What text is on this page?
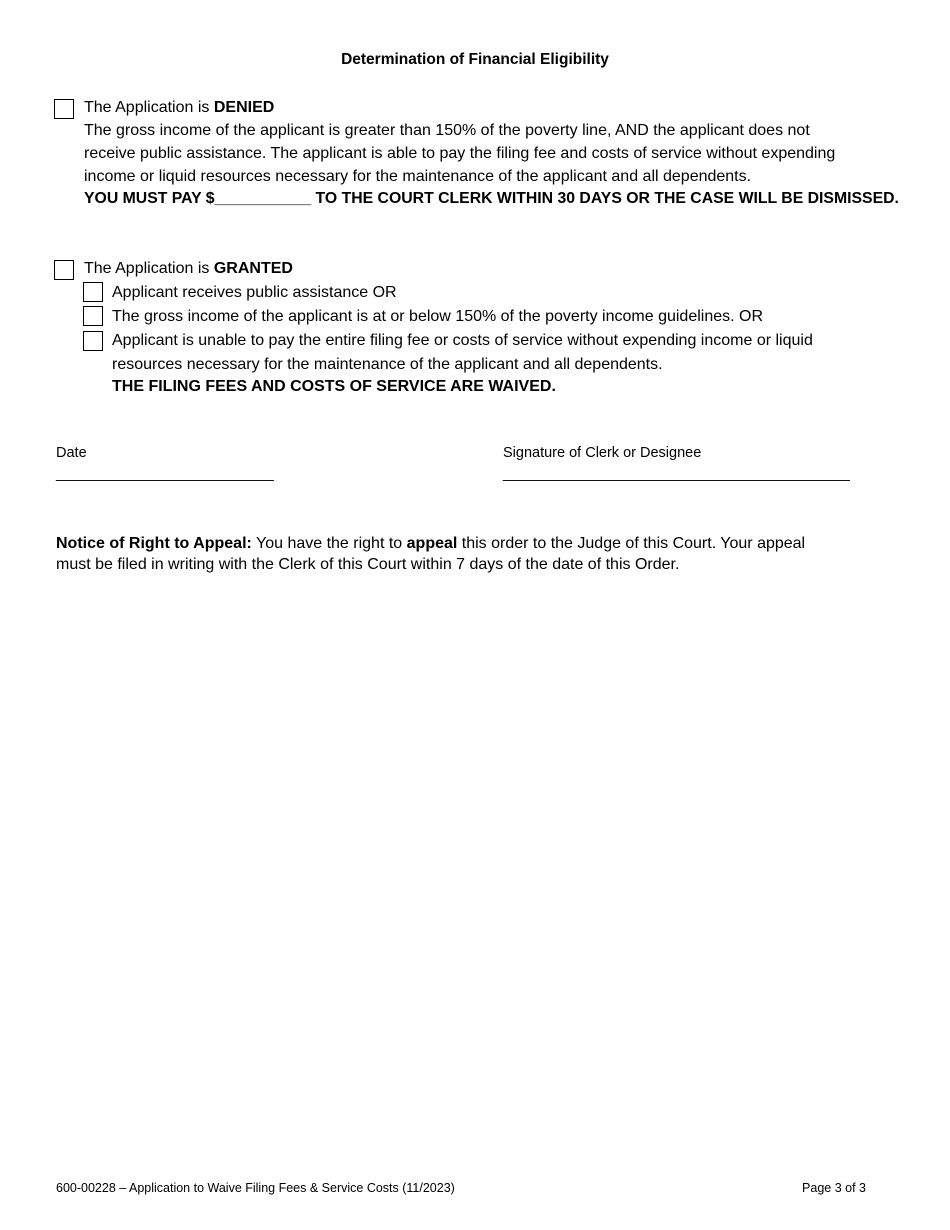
Determination of Financial Eligibility
The Application is DENIED
The gross income of the applicant is greater than 150% of the poverty line, AND the applicant does not
receive public assistance. The applicant is able to pay the filing fee and costs of service without expending
income or liquid resources necessary for the maintenance of the applicant and all dependents.
YOU MUST PAY $___________ TO THE COURT CLERK WITHIN 30 DAYS OR THE CASE WILL BE DISMISSED.
The Application is GRANTED
Applicant receives public assistance OR
The gross income of the applicant is at or below 150% of the poverty income guidelines. OR
Applicant is unable to pay the entire filing fee or costs of service without expending income or liquid
resources necessary for the maintenance of the applicant and all dependents.
THE FILING FEES AND COSTS OF SERVICE ARE WAIVED.
Date
___________________________
Signature of Clerk or Designee
___________________________________________
Notice of Right to Appeal: You have the right to appeal this order to the Judge of this Court. Your appeal
must be filed in writing with the Clerk of this Court within 7 days of the date of this Order.
600-00228 – Application to Waive Filing Fees & Service Costs (11/2023)	Page 3 of 3
